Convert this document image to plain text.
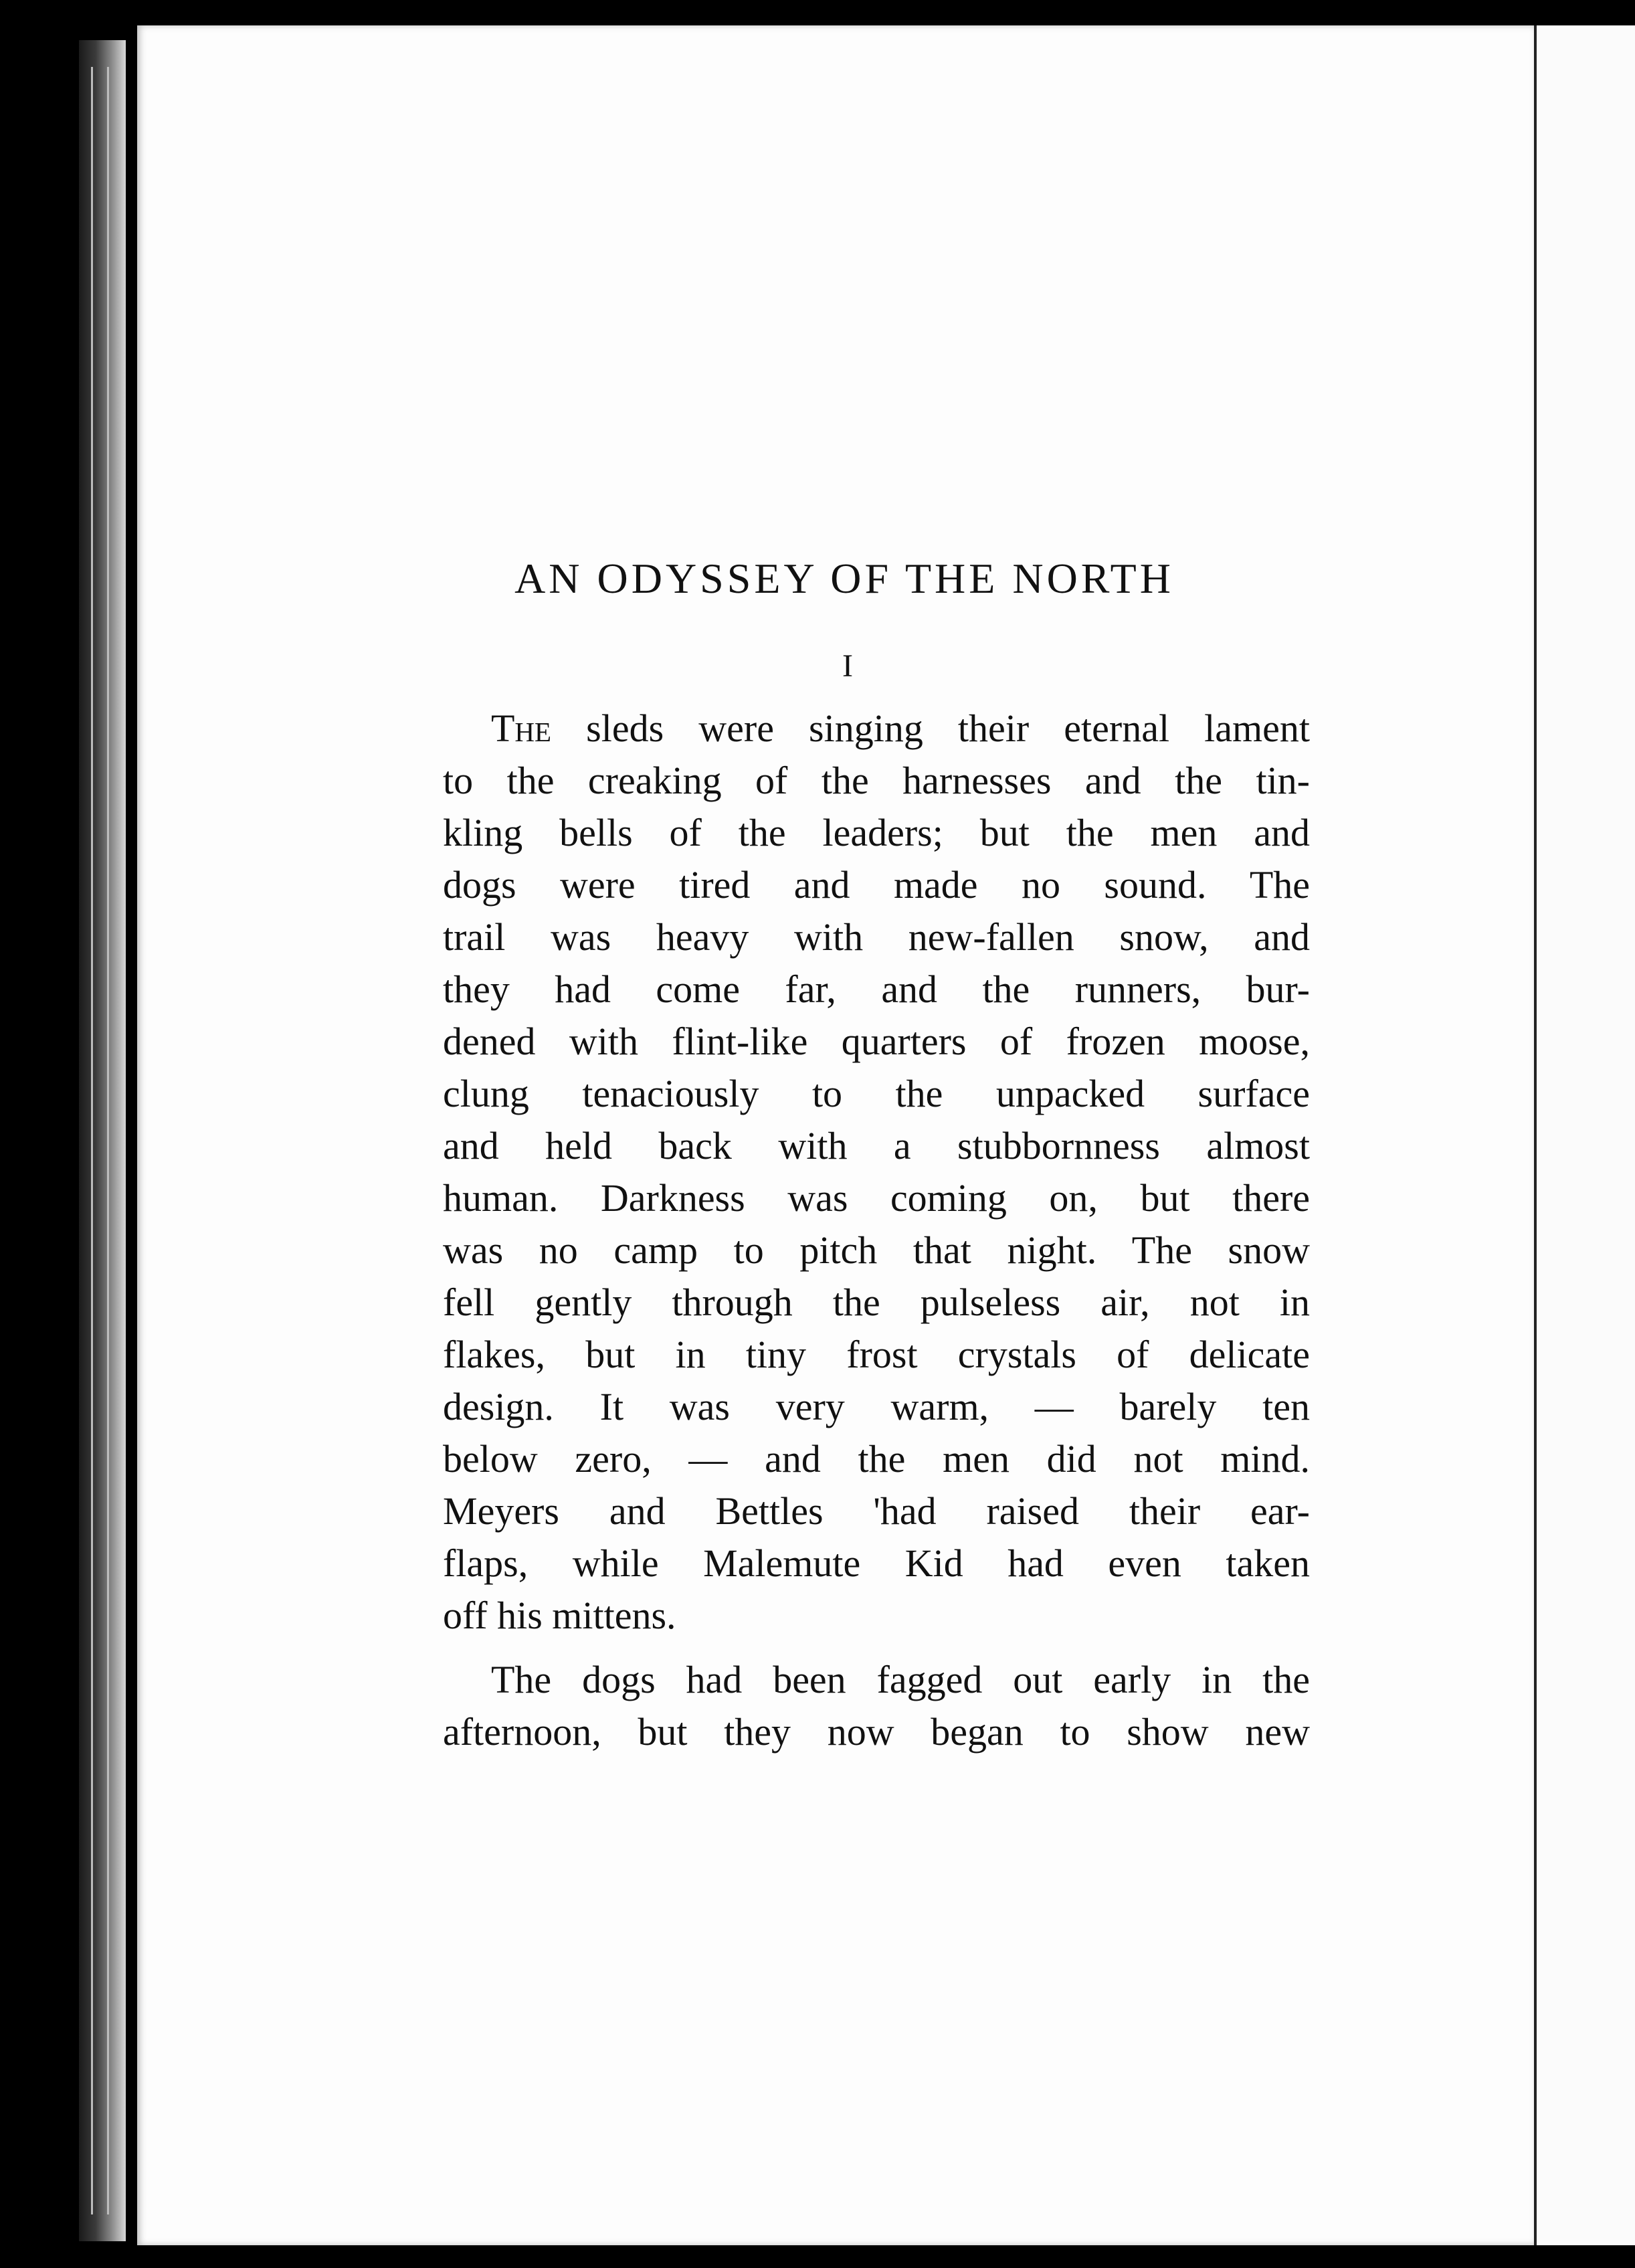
AN ODYSSEY OF THE NORTH
I
The sleds were singing their eternal lament
to the creaking of the harnesses and the tin-
kling bells of the leaders; but the men and
dogs were tired and made no sound. The
trail was heavy with new-fallen snow, and
they had come far, and the runners, bur-
dened with flint-like quarters of frozen moose,
clung tenaciously to the unpacked surface
and held back with a stubbornness almost
human. Darkness was coming on, but there
was no camp to pitch that night. The snow
fell gently through the pulseless air, not in
flakes, but in tiny frost crystals of delicate
design. It was very warm, — barely ten
below zero, — and the men did not mind.
Meyers and Bettles 'had raised their ear-
flaps, while Malemute Kid had even taken
off his mittens.
The dogs had been fagged out early in the
afternoon, but they now began to show new
